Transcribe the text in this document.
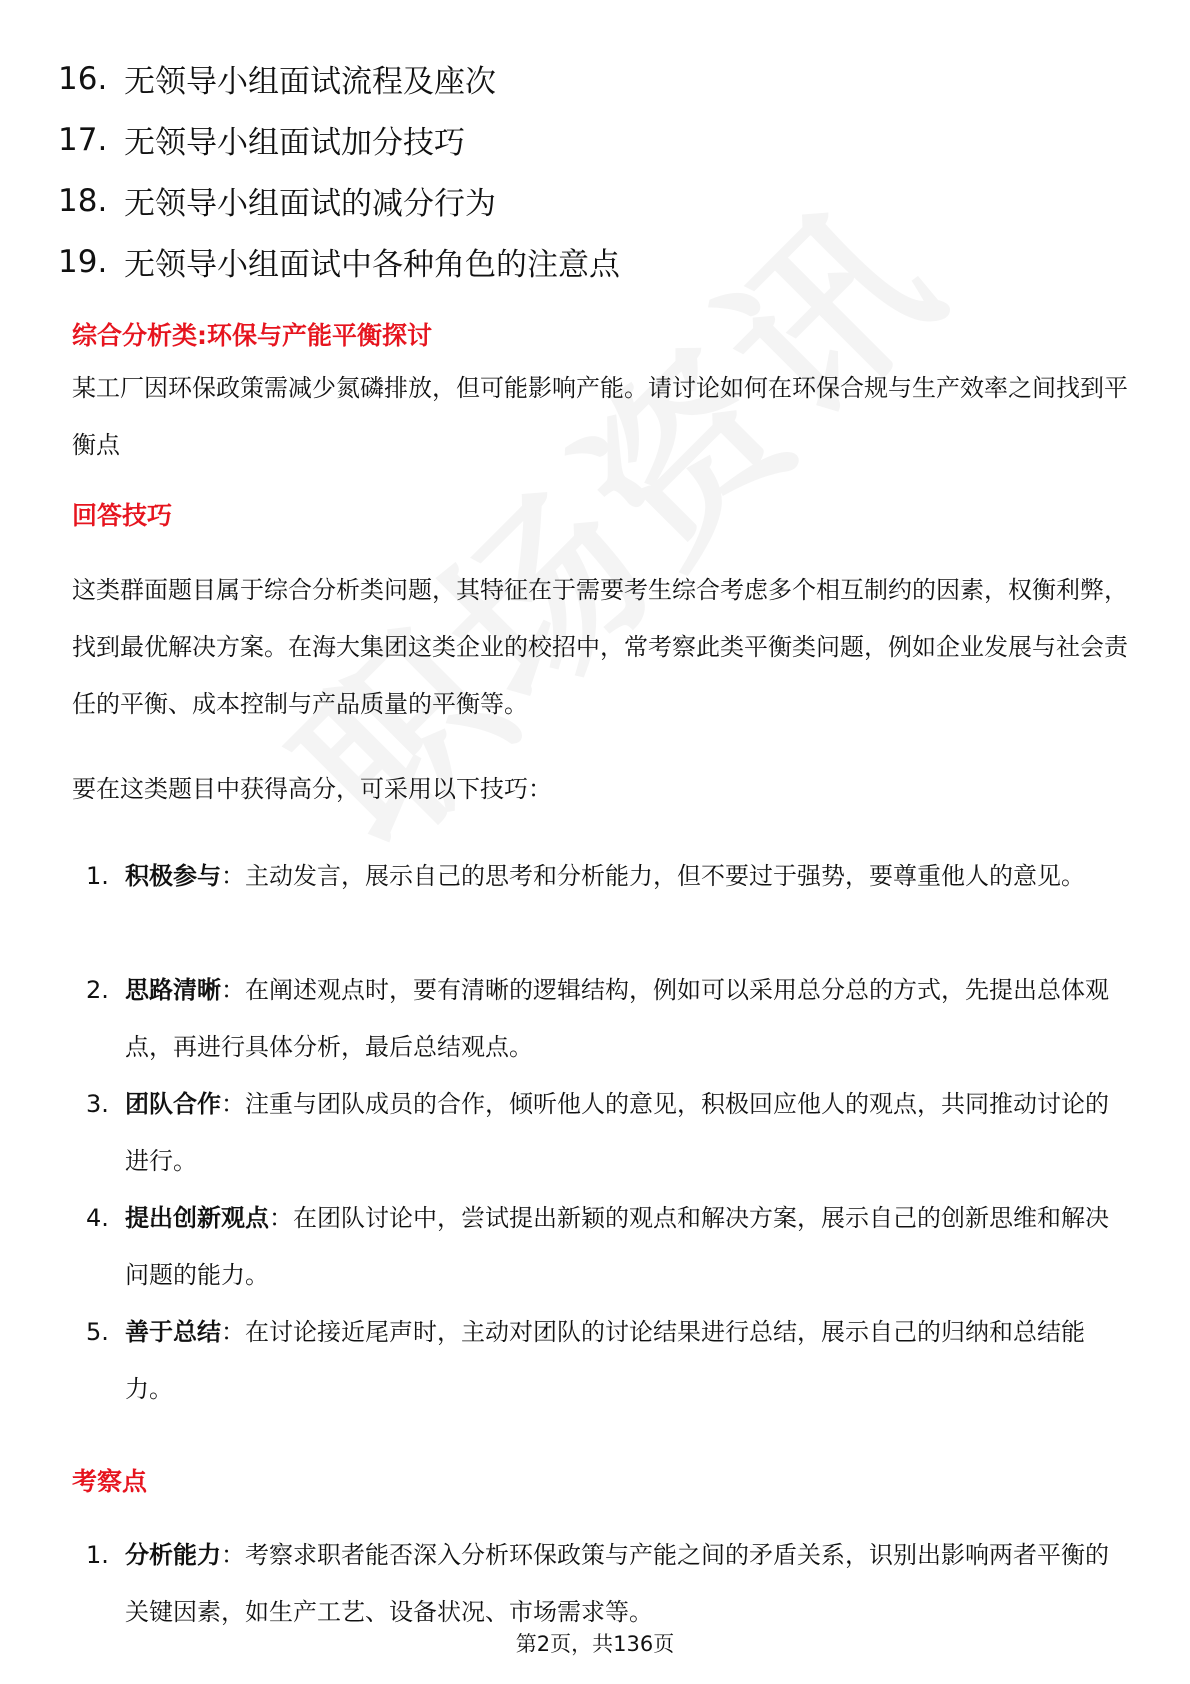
16. 无领导小组面试流程及座次
17. 无领导小组面试加分技巧
18. 无领导小组面试的减分行为
19. 无领导小组面试中各种角色的注意点
综合分析类:环保与产能平衡探讨
某工厂因环保政策需减少氮磷排放，但可能影响产能。请讨论如何在环保合规与生产效率之间找到平衡点
回答技巧
这类群面题目属于综合分析类问题，其特征在于需要考生综合考虑多个相互制约的因素，权衡利弊，找到最优解决方案。在海大集团这类企业的校招中，常考察此类平衡类问题，例如企业发展与社会责任的平衡、成本控制与产品质量的平衡等。
要在这类题目中获得高分，可采用以下技巧：
1. 积极参与：主动发言，展示自己的思考和分析能力，但不要过于强势，要尊重他人的意见。
2. 思路清晰：在阐述观点时，要有清晰的逻辑结构，例如可以采用总分总的方式，先提出总体观点，再进行具体分析，最后总结观点。
3. 团队合作：注重与团队成员的合作，倾听他人的意见，积极回应他人的观点，共同推动讨论的进行。
4. 提出创新观点：在团队讨论中，尝试提出新颖的观点和解决方案，展示自己的创新思维和解决问题的能力。
5. 善于总结：在讨论接近尾声时，主动对团队的讨论结果进行总结，展示自己的归纳和总结能力。
考察点
1. 分析能力：考察求职者能否深入分析环保政策与产能之间的矛盾关系，识别出影响两者平衡的关键因素，如生产工艺、设备状况、市场需求等。
第2页，共136页
